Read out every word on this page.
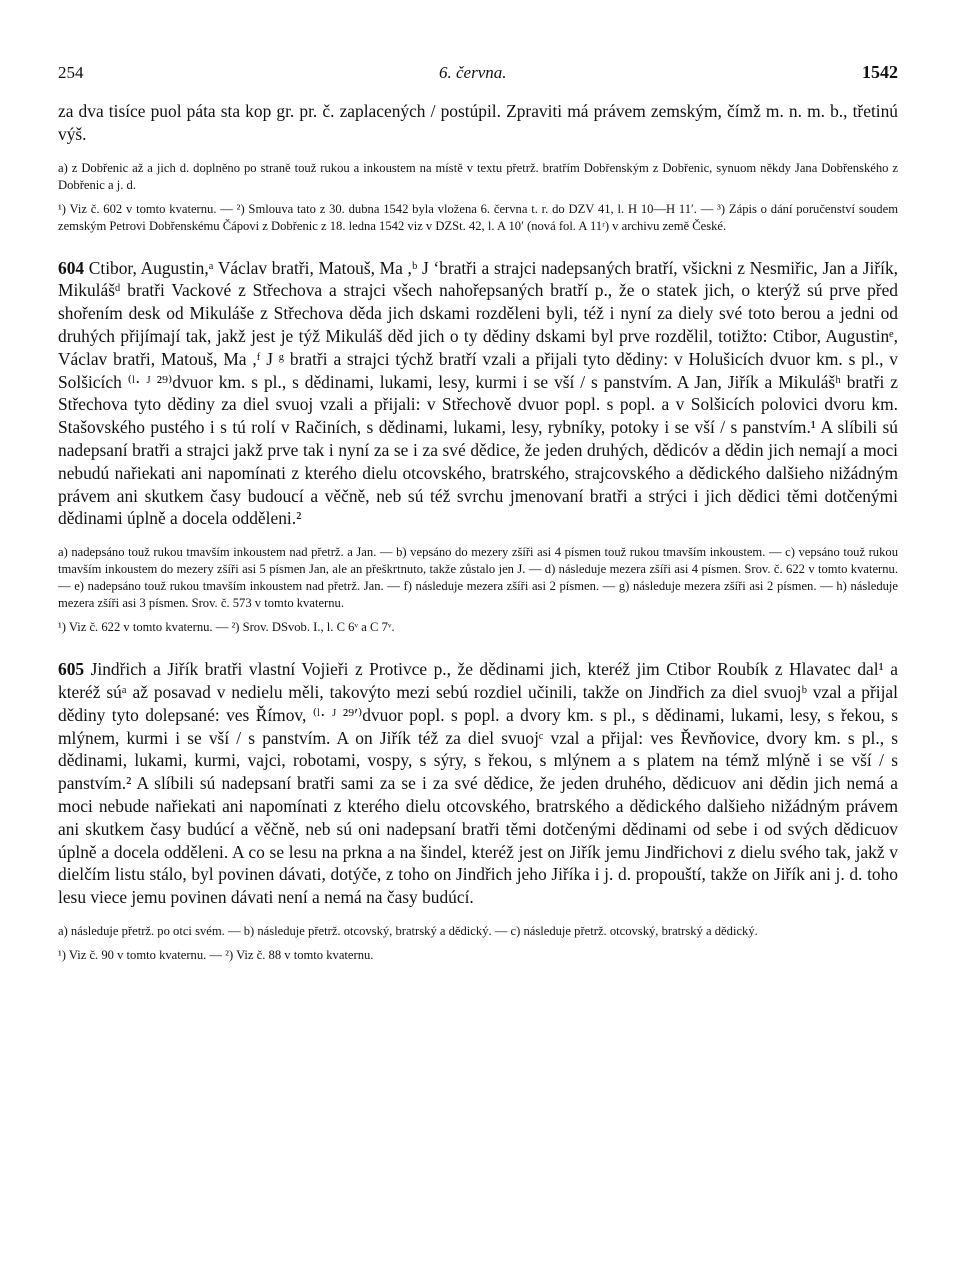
254	6. června.	1542

za dva tisíce puol páta sta kop gr. pr. č. zaplacených / postúpil. Zpraviti má právem zemským, čímž m. n. m. b., třetinú výš.

a) z Dobřenic až a jich d. doplněno po straně touž rukou a inkoustem na místě v textu přetrž. bratřím Dobřenským z Dobřenic, synuom někdy Jana Dobřenského z Dobřenic a j. d.

¹) Viz č. 602 v tomto kvaternu. — ²) Smlouva tato z 30. dubna 1542 byla vložena 6. června t. r. do DZV 41, l. H 10—H 11′. — ³) Zápis o dání poručenství soudem zemským Petrovi Dobřenskému Čápovi z Dobřenic z 18. ledna 1542 viz v DZSt. 42, l. A 10′ (nová fol. A 11ʳ) v archivu země České.

604 Ctibor, Augustin,ᵃ Václav bratři, Matouš, Ma ,ᵇ J ʻbratři a strajci nadepsaných bratří, všickni z Nesmiřic, Jan a Jiřík, Mikulášᵈ bratři Vackové z Střechova a strajci všech nahořepsaných bratří p., že o statek jich, o kterýž sú prve před shořením desk od Mikuláše z Střechova děda jich dskami rozděleni byli, též i nyní za diely své toto berou a jedni od druhých přijímají tak, jakž jest je týž Mikuláš děd jich o ty dědiny dskami byl prve rozdělil, totižto: Ctibor, Augustinᵉ, Václav bratři, Matouš, Ma ,ᶠ J ᵍ bratři a strajci týchž bratří vzali a přijali tyto dědiny: v Holušicích dvuor km. s pl., v Solšicích ⁽ˡ· ᴶ ²⁹⁾dvuor km. s pl., s dědinami, lukami, lesy, kurmi i se vší / s panstvím. A Jan, Jiřík a Mikulášʰ bratři z Střechova tyto dědiny za diel svuoj vzali a přijali: v Střechově dvuor popl. s popl. a v Solšicích polovici dvoru km. Stašovského pustého i s tú rolí v Račiních, s dědinami, lukami, lesy, rybníky, potoky i se vší / s panstvím.¹ A slíbili sú nadepsaní bratři a strajci jakž prve tak i nyní za se i za své dědice, že jeden druhých, dědicóv a dědin jich nemají a moci nebudú nařiekati ani napomínati z kterého dielu otcovského, bratrského, strajcovského a dědického dalšieho nižádným právem ani skutkem časy budoucí a věčně, neb sú též svrchu jmenovaní bratři a strýci i jich dědici těmi dotčenými dědinami úplně a docela odděleni.²

a) nadepsáno touž rukou tmavším inkoustem nad přetrž. a Jan. — b) vepsáno do mezery zšíři asi 4 písmen touž rukou tmavším inkoustem. — c) vepsáno touž rukou tmavším inkoustem do mezery zšíři asi 5 písmen Jan, ale an přeškrtnuto, takže zůstalo jen J. — d) následuje mezera zšíři asi 4 písmen. Srov. č. 622 v tomto kvaternu. — e) nadepsáno touž rukou tmavším inkoustem nad přetrž. Jan. — f) následuje mezera zšíři asi 2 písmen. — g) následuje mezera zšíři asi 2 písmen. — h) následuje mezera zšíři asi 3 písmen. Srov. č. 573 v tomto kvaternu.

¹) Viz č. 622 v tomto kvaternu. — ²) Srov. DSvob. I., l. C 6ᵛ a C 7ᵛ.

605 Jindřich a Jiřík bratři vlastní Vojieři z Protivce p., že dědinami jich, kteréž jim Ctibor Roubík z Hlavatec dal¹ a kteréž súᵃ až posavad v nedielu měli, takovýto mezi sebú rozdiel učinili, takže on Jindřich za diel svuojᵇ vzal a přijal dědiny tyto dolepsané: ves Římov, ⁽ˡ· ᴶ ²⁹′⁾dvuor popl. s popl. a dvory km. s pl., s dědinami, lukami, lesy, s řekou, s mlýnem, kurmi i se vší / s panstvím. A on Jiřík též za diel svuojᶜ vzal a přijal: ves Řevňovice, dvory km. s pl., s dědinami, lukami, kurmi, vajci, robotami, vospy, s sýry, s řekou, s mlýnem a s platem na témž mlýně i se vší / s panstvím.² A slíbili sú nadepsaní bratři sami za se i za své dědice, že jeden druhého, dědicuov ani dědin jich nemá a moci nebude nařiekati ani napomínati z kterého dielu otcovského, bratrského a dědického dalšieho nižádným právem ani skutkem časy budúcí a věčně, neb sú oni nadepsaní bratři těmi dotčenými dědinami od sebe i od svých dědicuov úplně a docela odděleni. A co se lesu na prkna a na šindel, kteréž jest on Jiřík jemu Jindřichovi z dielu svého tak, jakž v dielčím listu stálo, byl povinen dávati, dotýče, z toho on Jindřich jeho Jiříka i j. d. propouští, takže on Jiřík ani j. d. toho lesu viece jemu povinen dávati není a nemá na časy budúcí.

a) následuje přetrž. po otci svém. — b) následuje přetrž. otcovský, bratrský a dědický. — c) následuje přetrž. otcovský, bratrský a dědický.

¹) Viz č. 90 v tomto kvaternu. — ²) Viz č. 88 v tomto kvaternu.
